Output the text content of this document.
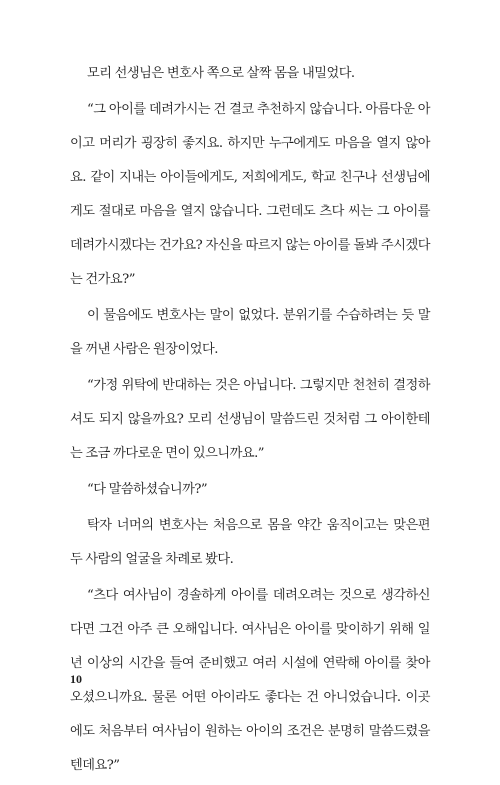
모리 선생님은 변호사 쪽으로 살짝 몸을 내밀었다.

“그 아이를 데려가시는 건 결코 추천하지 않습니다. 아름다운 아이고 머리가 굉장히 좋지요. 하지만 누구에게도 마음을 열지 않아요. 같이 지내는 아이들에게도, 저희에게도, 학교 친구나 선생님에게도 절대로 마음을 열지 않습니다. 그런데도 츠다 씨는 그 아이를 데려가시겠다는 건가요? 자신을 따르지 않는 아이를 돌봐 주시겠다는 건가요?”

이 물음에도 변호사는 말이 없었다. 분위기를 수습하려는 듯 말을 꺼낸 사람은 원장이었다.

“가정 위탁에 반대하는 것은 아닙니다. 그렇지만 천천히 결정하셔도 되지 않을까요? 모리 선생님이 말씀드린 것처럼 그 아이한테는 조금 까다로운 면이 있으니까요.”

“다 말씀하셨습니까?”

탁자 너머의 변호사는 처음으로 몸을 약간 움직이고는 맞은편 두 사람의 얼굴을 차례로 봤다.

“츠다 여사님이 경솔하게 아이를 데려오려는 것으로 생각하신다면 그건 아주 큰 오해입니다. 여사님은 아이를 맞이하기 위해 일 년 이상의 시간을 들여 준비했고 여러 시설에 연락해 아이를 찾아 오셨으니까요. 물론 어떤 아이라도 좋다는 건 아니었습니다. 이곳에도 처음부터 여사님이 원하는 아이의 조건은 분명히 말씀드렸을 텐데요?”

10
